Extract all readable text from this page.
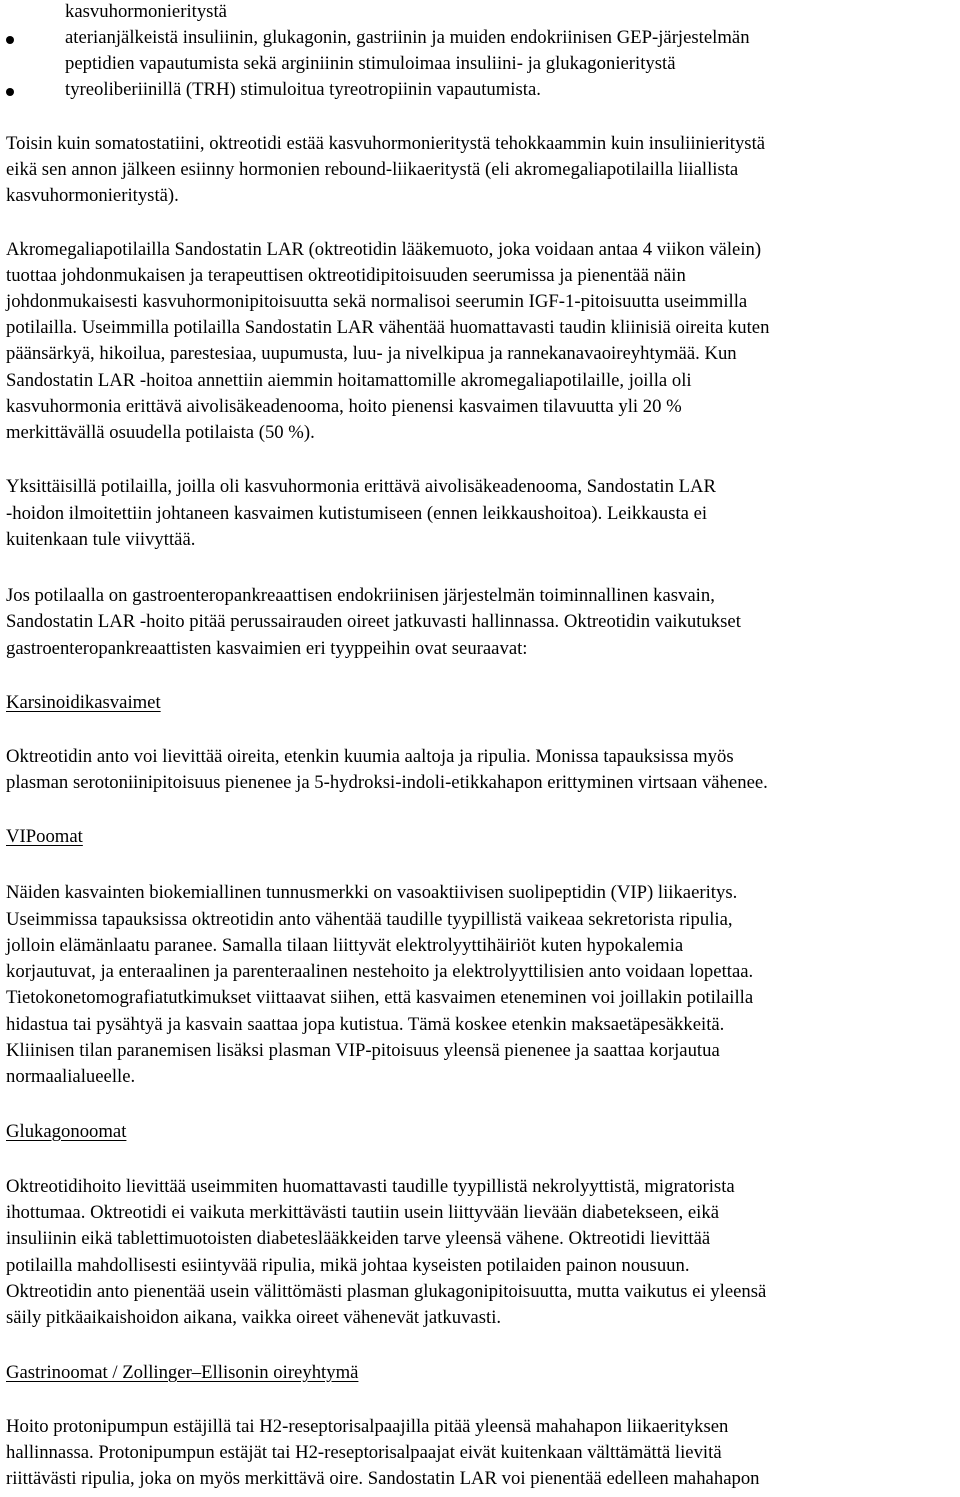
kasvuhormonieritystä
aterianjälkeistä insuliinin, glukagonin, gastriinin ja muiden endokriinisen GEP-järjestelmän
peptidien vapautumista sekä arginiinin stimuloimaa insuliini- ja glukagonieritystä
tyreoliberiinillä (TRH) stimuloitua tyreotropiinin vapautumista.
Toisin kuin somatostatiini, oktreotidi estää kasvuhormonieritystä tehokkaammin kuin insuliinieritystä
eikä sen annon jälkeen esiinny hormonien rebound-liikaeritystä (eli akromegaliapotilailla liiallista
kasvuhormonieritystä).
Akromegaliapotilailla Sandostatin LAR (oktreotidin lääkemuoto, joka voidaan antaa 4 viikon välein)
tuottaa johdonmukaisen ja terapeuttisen oktreotidipitoisuuden seerumissa ja pienentää näin
johdonmukaisesti kasvuhormonipitoisuutta sekä normalisoi seerumin IGF-1-pitoisuutta useimmilla
potilailla. Useimmilla potilailla Sandostatin LAR vähentää huomattavasti taudin kliinisiä oireita kuten
päänsärkyä, hikoilua, parestesiaa, uupumusta, luu- ja nivelkipua ja rannekanavaoireyhtymää. Kun
Sandostatin LAR -hoitoa annettiin aiemmin hoitamattomille akromegaliapotilaille, joilla oli
kasvuhormonia erittävä aivolisäkeadenooma, hoito pienensi kasvaimen tilavuutta yli 20 %
merkittävällä osuudella potilaista (50 %).
Yksittäisillä potilailla, joilla oli kasvuhormonia erittävä aivolisäkeadenooma, Sandostatin LAR
-hoidon ilmoitettiin johtaneen kasvaimen kutistumiseen (ennen leikkaushoitoa). Leikkausta ei
kuitenkaan tule viivyttää.
Jos potilaalla on gastroenteropankreaattisen endokriinisen järjestelmän toiminnallinen kasvain,
Sandostatin LAR -hoito pitää perussairauden oireet jatkuvasti hallinnassa. Oktreotidin vaikutukset
gastroenteropankreaattisten kasvaimien eri tyyppeihin ovat seuraavat:
Karsinoidikasvaimet
Oktreotidin anto voi lievittää oireita, etenkin kuumia aaltoja ja ripulia. Monissa tapauksissa myös
plasman serotoniinipitoisuus pienenee ja 5-hydroksi-indoli-etikkahapon erittyminen virtsaan vähenee.
VIPoomat
Näiden kasvainten biokemiallinen tunnusmerkki on vasoaktiivisen suolipeptidin (VIP) liikaeritys.
Useimmissa tapauksissa oktreotidin anto vähentää taudille tyypillistä vaikeaa sekretorista ripulia,
jolloin elämänlaatu paranee. Samalla tilaan liittyvät elektrolyyttihäiriöt kuten hypokalemia
korjautuvat, ja enteraalinen ja parenteraalinen nestehoito ja elektrolyyttilisien anto voidaan lopettaa.
Tietokonetomografiatutkimukset viittaavat siihen, että kasvaimen eteneminen voi joillakin potilailla
hidastua tai pysähtyä ja kasvain saattaa jopa kutistua. Tämä koskee etenkin maksaetäpesäkkeitä.
Kliinisen tilan paranemisen lisäksi plasman VIP-pitoisuus yleensä pienenee ja saattaa korjautua
normaalialueelle.
Glukagonoomat
Oktreotidihoito lievittää useimmiten huomattavasti taudille tyypillistä nekrolyyttistä, migratorista
ihottumaa. Oktreotidi ei vaikuta merkittävästi tautiin usein liittyvään lievään diabetekseen, eikä
insuliinin eikä tablettimuotoisten diabeteslääkkeiden tarve yleensä vähene. Oktreotidi lievittää
potilailla mahdollisesti esiintyvää ripulia, mikä johtaa kyseisten potilaiden painon nousuun.
Oktreotidin anto pienentää usein välittömästi plasman glukagonipitoisuutta, mutta vaikutus ei yleensä
säily pitkäaikaishoidon aikana, vaikka oireet vähenevät jatkuvasti.
Gastrinoomat / Zollinger–Ellisonin oireyhtymä
Hoito protonipumpun estäjillä tai H2-reseptorisalpaajilla pitää yleensä mahahapon liikaerityksen
hallinnassa. Protonipumpun estäjät tai H2-reseptorisalpaajat eivät kuitenkaan välttämättä lievitä
riittävästi ripulia, joka on myös merkittävä oire. Sandostatin LAR voi pienentää edelleen mahahapon
